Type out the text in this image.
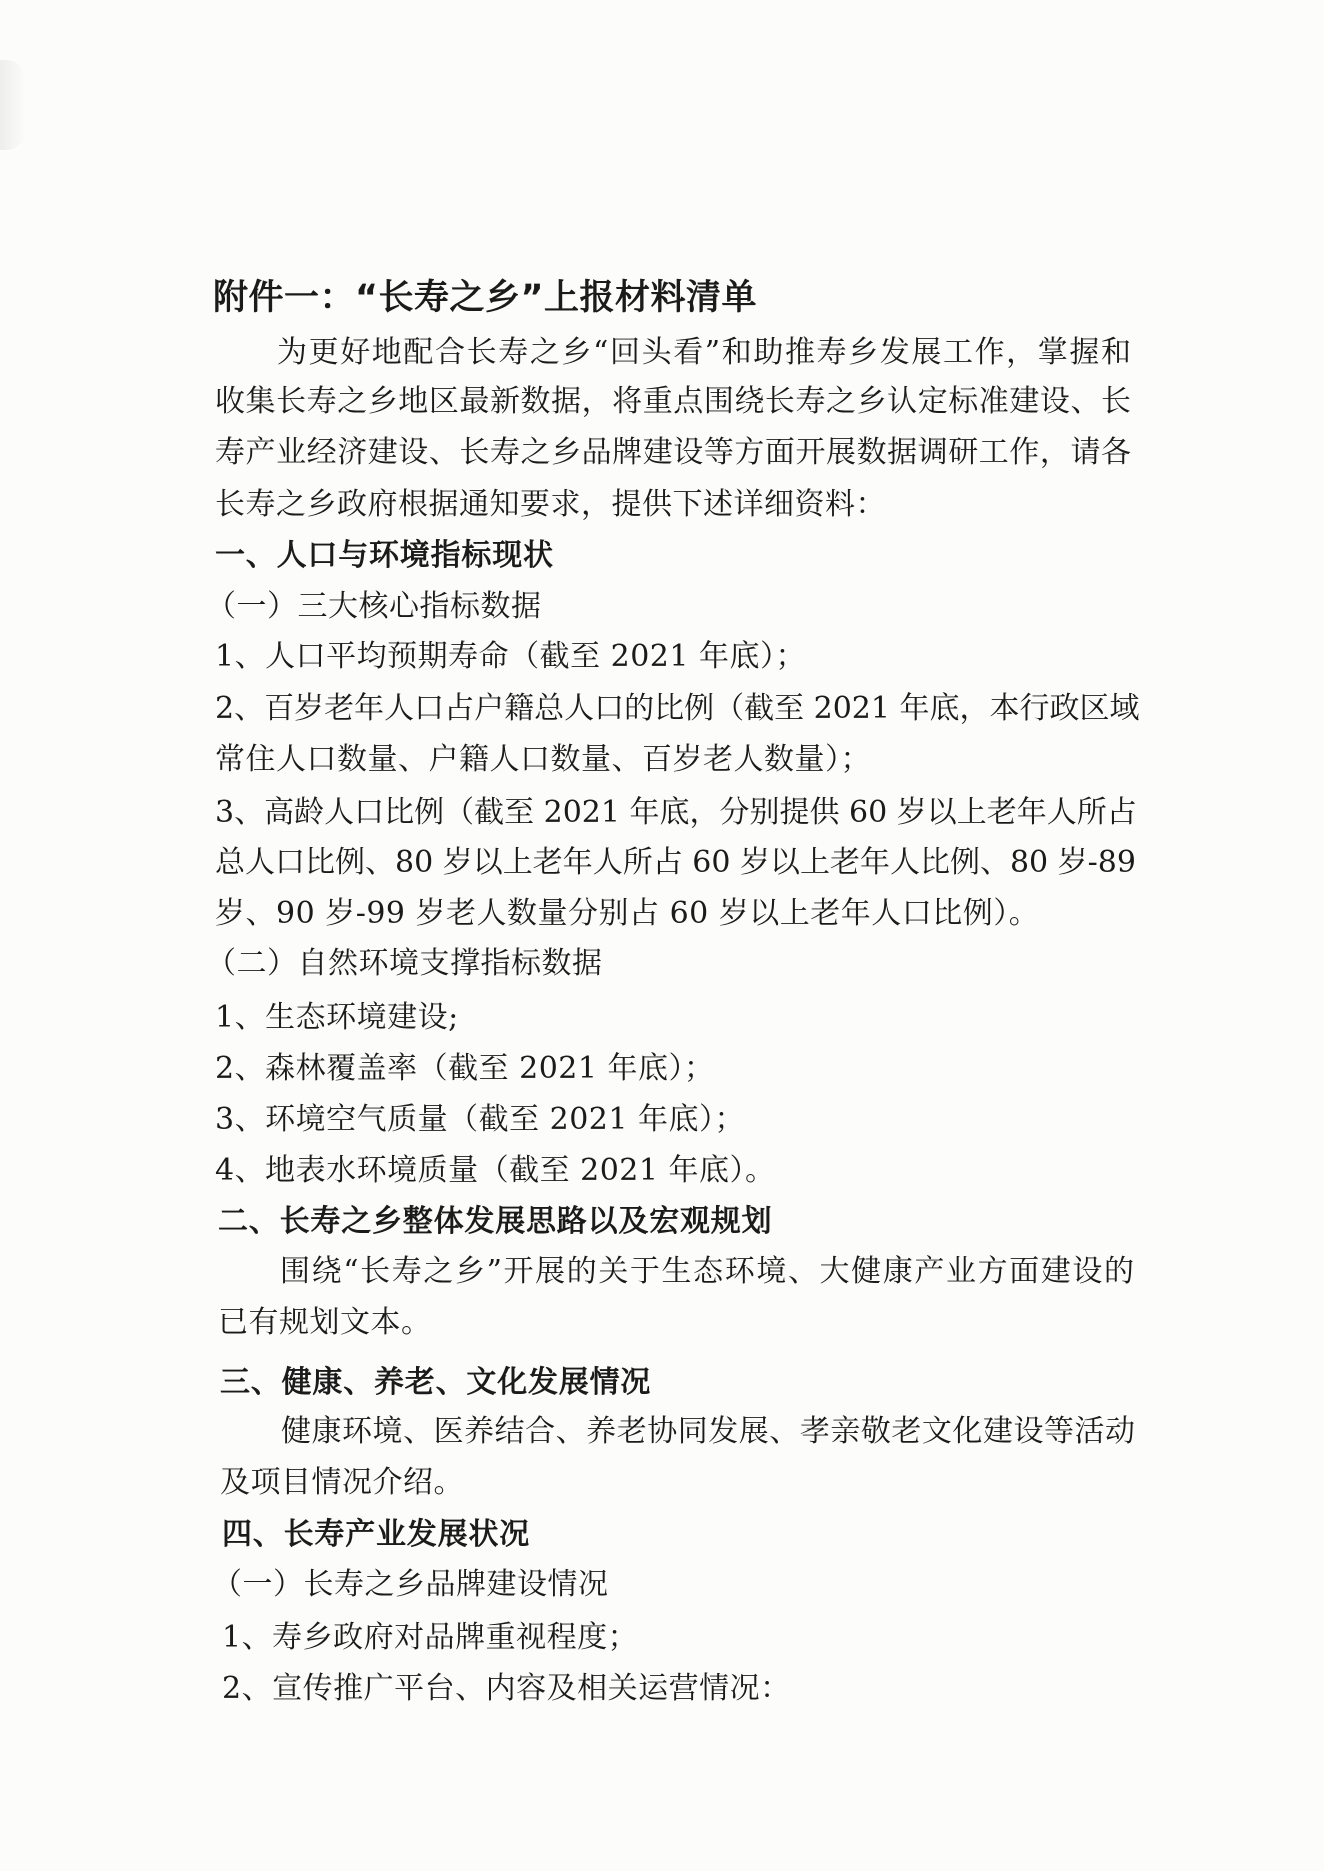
附件一：“长寿之乡”上报材料清单
为更好地配合长寿之乡“回头看”和助推寿乡发展工作，掌握和
收集长寿之乡地区最新数据，将重点围绕长寿之乡认定标准建设、长
寿产业经济建设、长寿之乡品牌建设等方面开展数据调研工作，请各
长寿之乡政府根据通知要求，提供下述详细资料：
一、人口与环境指标现状
（一）三大核心指标数据
1、人口平均预期寿命（截至 2021 年底）；
2、百岁老年人口占户籍总人口的比例（截至 2021 年底，本行政区域
常住人口数量、户籍人口数量、百岁老人数量）；
3、高龄人口比例（截至 2021 年底，分别提供 60 岁以上老年人所占
总人口比例、80 岁以上老年人所占 60 岁以上老年人比例、80 岁-89
岁、90 岁-99 岁老人数量分别占 60 岁以上老年人口比例）。
（二）自然环境支撑指标数据
1、生态环境建设;
2、森林覆盖率（截至 2021 年底）；
3、环境空气质量（截至 2021 年底）；
4、地表水环境质量（截至 2021 年底）。
二、长寿之乡整体发展思路以及宏观规划
围绕“长寿之乡”开展的关于生态环境、大健康产业方面建设的
已有规划文本。
三、健康、养老、文化发展情况
健康环境、医养结合、养老协同发展、孝亲敬老文化建设等活动
及项目情况介绍。
四、长寿产业发展状况
（一）长寿之乡品牌建设情况
1、寿乡政府对品牌重视程度；
2、宣传推广平台、内容及相关运营情况：
